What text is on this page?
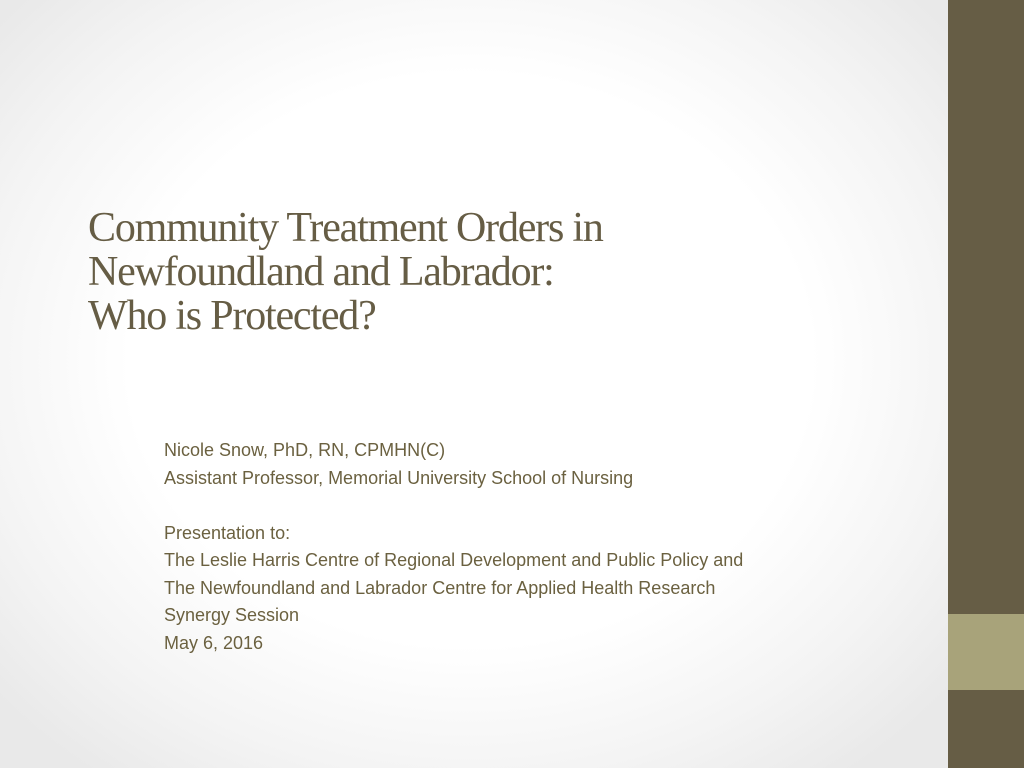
Community Treatment Orders in
Newfoundland and Labrador:
Who is Protected?
Nicole Snow, PhD, RN, CPMHN(C)
Assistant Professor, Memorial University School of Nursing
Presentation to:
The Leslie Harris Centre of Regional Development and Public Policy and
The Newfoundland and Labrador Centre for Applied Health Research
Synergy Session
May 6, 2016
